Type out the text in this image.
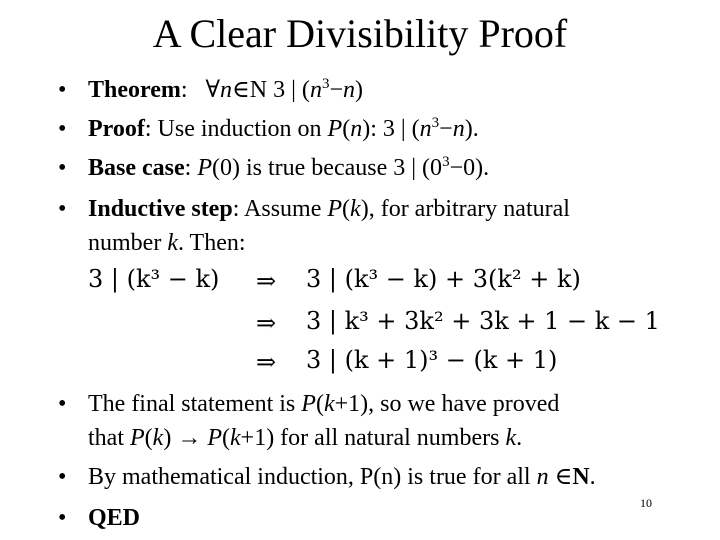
A Clear Divisibility Proof
• Theorem: ∀n∈N 3 | $(n^3-n)$
• Proof: Use induction on P(n): 3 | $(n^3-n)$.
• Base case: P(0) is true because 3 | $(0^3-0)$.
• Inductive step: Assume P(k), for arbitrary natural
number k. Then:
3 | (k³ − k) ⇒ 3 | (k³ − k) + 3(k² + k)
⇒ 3 | k³ + 3k² + 3k + 1 − k − 1
⇒ 3 | (k + 1)³ − (k + 1)
• The final statement is P(k+1), so we have proved
that P(k) → P(k+1) for all natural numbers k.
• By mathematical induction, P(n) is true for all n ∈N.
• QED
10
